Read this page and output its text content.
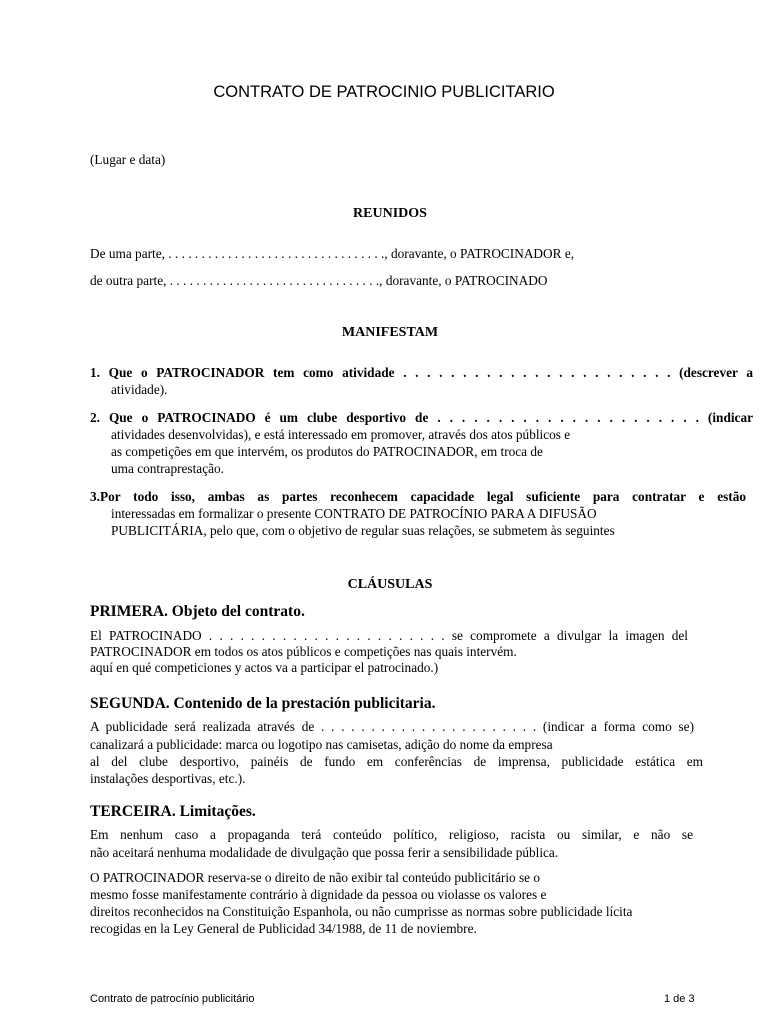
CONTRATO DE PATROCINIO PUBLICITARIO
(Lugar e data)
REUNIDOS
De uma parte, . . . . . . . . . . . . . . . . . . . . . . . . . . . . . . . . ., doravante, o PATROCINADOR e,
de outra parte, . . . . . . . . . . . . . . . . . . . . . . . . . . . . . . . ., doravante, o PATROCINADO
MANIFESTAM
1. Que o PATROCINADOR tem como atividade . . . . . . . . . . . . . . . . . . . . . . . (descrever a
atividade).
2. Que o PATROCINADO é um clube desportivo de . . . . . . . . . . . . . . . . . . . . . . (indicar
atividades desenvolvidas), e está interessado em promover, através dos atos públicos e
as competições em que intervém, os produtos do PATROCINADOR, em troca de
uma contraprestação.
3.Por todo isso, ambas as partes reconhecem capacidade legal suficiente para contratar e estão
interessadas em formalizar o presente CONTRATO DE PATROCÍNIO PARA A DIFUSÃO
PUBLICITÁRIA, pelo que, com o objetivo de regular suas relações, se submetem às seguintes
CLÁUSULAS
PRIMERA. Objeto del contrato.
El PATROCINADO . . . . . . . . . . . . . . . . . . . . . . . se compromete a divulgar la imagen del
PATROCINADOR em todos os atos públicos e competições nas quais intervém.
aquí en qué competiciones y actos va a participar el patrocinado.)
SEGUNDA. Contenido de la prestación publicitaria.
A publicidade será realizada através de . . . . . . . . . . . . . . . . . . . . . . (indicar a forma como se)
canalizará a publicidade: marca ou logotipo nas camisetas, adição do nome da empresa
al del clube desportivo, painéis de fundo em conferências de imprensa, publicidade estática em
instalações desportivas, etc.).
TERCEIRA. Limitações.
Em nenhum caso a propaganda terá conteúdo político, religioso, racista ou similar, e não se
não aceitará nenhuma modalidade de divulgação que possa ferir a sensibilidade pública.
O PATROCINADOR reserva-se o direito de não exibir tal conteúdo publicitário se o
mesmo fosse manifestamente contrário à dignidade da pessoa ou violasse os valores e
direitos reconhecidos na Constituição Espanhola, ou não cumprisse as normas sobre publicidade lícita
recogidas en la Ley General de Publicidad 34/1988, de 11 de noviembre.
Contrato de patrocínio publicitário	1 de 3
